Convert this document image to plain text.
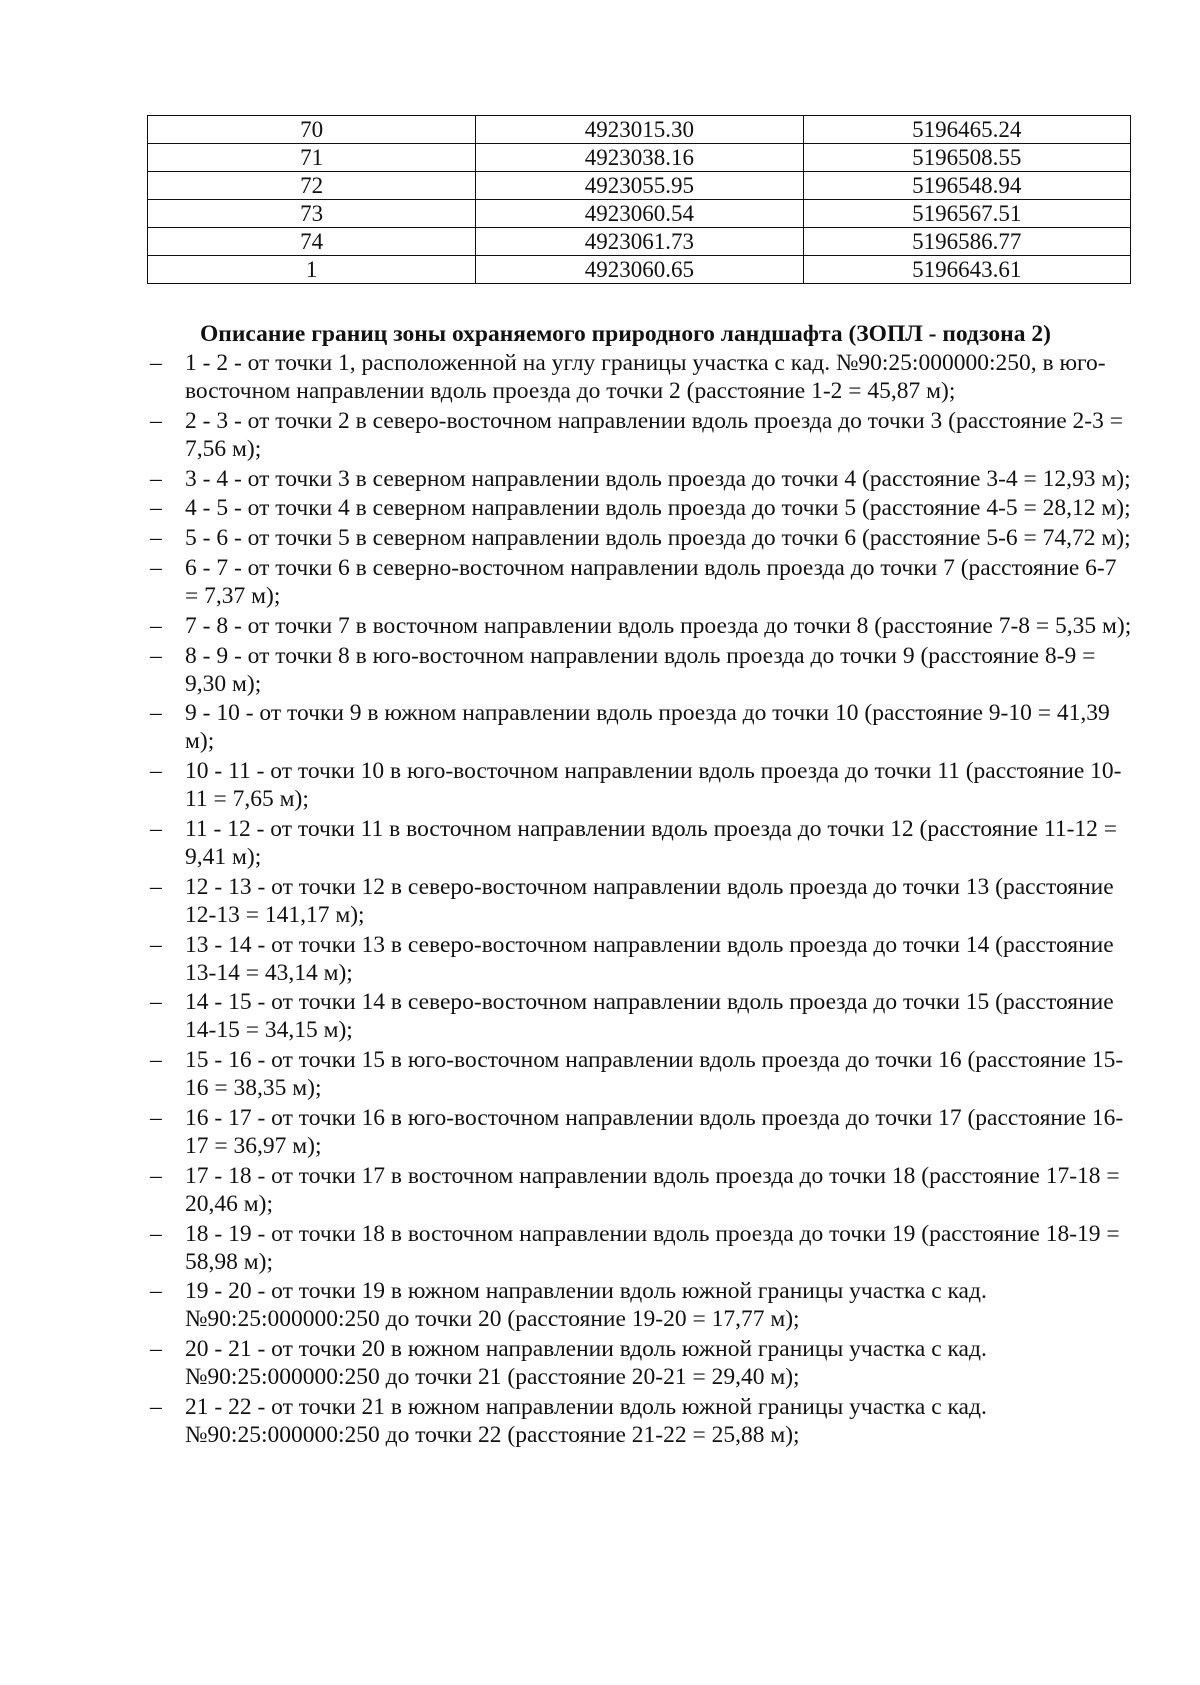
70	4923015.30	5196465.24
71	4923038.16	5196508.55
72	4923055.95	5196548.94
73	4923060.54	5196567.51
74	4923061.73	5196586.77
1	4923060.65	5196643.61
Описание границ зоны охраняемого природного ландшафта (ЗОПЛ - подзона 2)
– 1 - 2 - от точки 1, расположенной на углу границы участка с кад. №90:25:000000:250, в юго-восточном направлении вдоль проезда до точки 2 (расстояние 1-2 = 45,87 м);
– 2 - 3 - от точки 2 в северо-восточном направлении вдоль проезда до точки 3 (расстояние 2-3 = 7,56 м);
– 3 - 4 - от точки 3 в северном направлении вдоль проезда до точки 4 (расстояние 3-4 = 12,93 м);
– 4 - 5 - от точки 4 в северном направлении вдоль проезда до точки 5 (расстояние 4-5 = 28,12 м);
– 5 - 6 - от точки 5 в северном направлении вдоль проезда до точки 6 (расстояние 5-6 = 74,72 м);
– 6 - 7 - от точки 6 в северно-восточном направлении вдоль проезда до точки 7 (расстояние 6-7 = 7,37 м);
– 7 - 8 - от точки 7 в восточном направлении вдоль проезда до точки 8 (расстояние 7-8 = 5,35 м);
– 8 - 9 - от точки 8 в юго-восточном направлении вдоль проезда до точки 9 (расстояние 8-9 = 9,30 м);
– 9 - 10 - от точки 9 в южном направлении вдоль проезда до точки 10 (расстояние 9-10 = 41,39 м);
– 10 - 11 - от точки 10 в юго-восточном направлении вдоль проезда до точки 11 (расстояние 10-11 = 7,65 м);
– 11 - 12 - от точки 11 в восточном направлении вдоль проезда до точки 12 (расстояние 11-12 = 9,41 м);
– 12 - 13 - от точки 12 в северо-восточном направлении вдоль проезда до точки 13 (расстояние 12-13 = 141,17 м);
– 13 - 14 - от точки 13 в северо-восточном направлении вдоль проезда до точки 14 (расстояние 13-14 = 43,14 м);
– 14 - 15 - от точки 14 в северо-восточном направлении вдоль проезда до точки 15 (расстояние 14-15 = 34,15 м);
– 15 - 16 - от точки 15 в юго-восточном направлении вдоль проезда до точки 16 (расстояние 15-16 = 38,35 м);
– 16 - 17 - от точки 16 в юго-восточном направлении вдоль проезда до точки 17 (расстояние 16-17 = 36,97 м);
– 17 - 18 - от точки 17 в восточном направлении вдоль проезда до точки 18 (расстояние 17-18 = 20,46 м);
– 18 - 19 - от точки 18 в восточном направлении вдоль проезда до точки 19 (расстояние 18-19 = 58,98 м);
– 19 - 20 - от точки 19 в южном направлении вдоль южной границы участка с кад. №90:25:000000:250 до точки 20 (расстояние 19-20 = 17,77 м);
– 20 - 21 - от точки 20 в южном направлении вдоль южной границы участка с кад. №90:25:000000:250 до точки 21 (расстояние 20-21 = 29,40 м);
– 21 - 22 - от точки 21 в южном направлении вдоль южной границы участка с кад. №90:25:000000:250 до точки 22 (расстояние 21-22 = 25,88 м);
